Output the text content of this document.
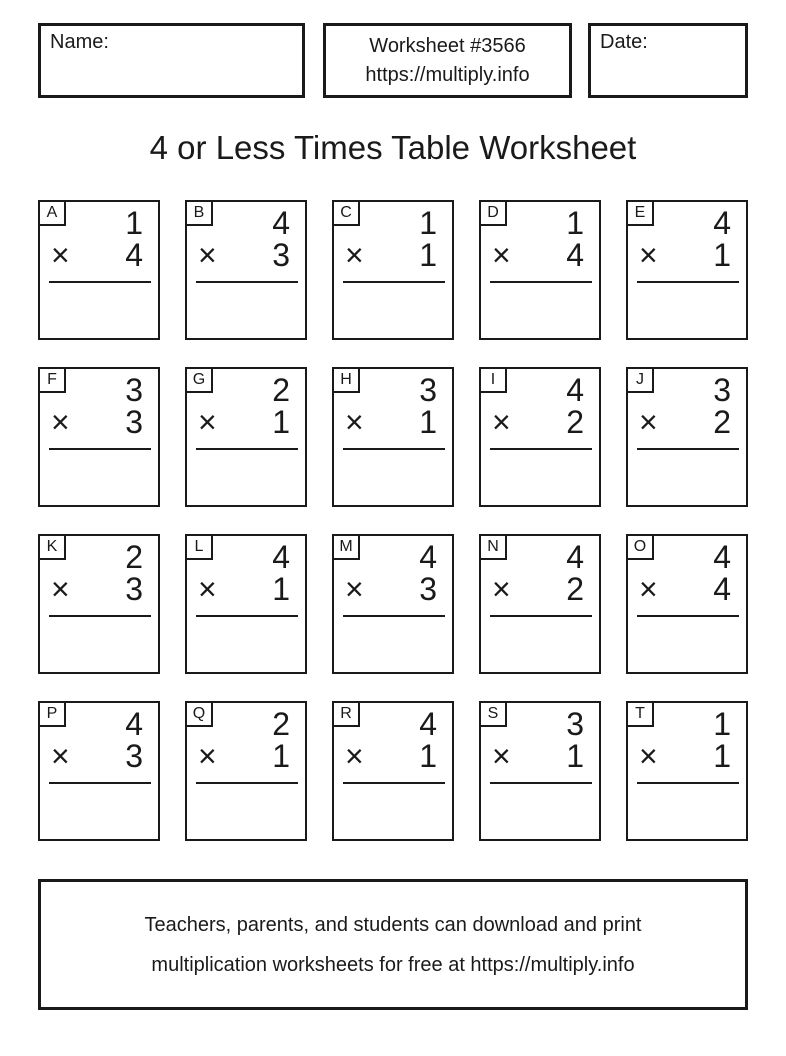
Name:	Worksheet #3566
https://multiply.info
Date:
4 or Less Times Table Worksheet
A 1
× 4
B 4
× 3
C 1
× 1
D 1
× 4
E 4
× 1
F 3
× 3
G 2
× 1
H 3
× 1
I 4
× 2
J 3
× 2
K 2
× 3
L 4
× 1
M 4
× 3
N 4
× 2
O 4
× 4
P 4
× 3
Q 2
× 1
R 4
× 1
S 3
× 1
T 1
× 1
Teachers, parents, and students can download and print
multiplication worksheets for free at https://multiply.info
